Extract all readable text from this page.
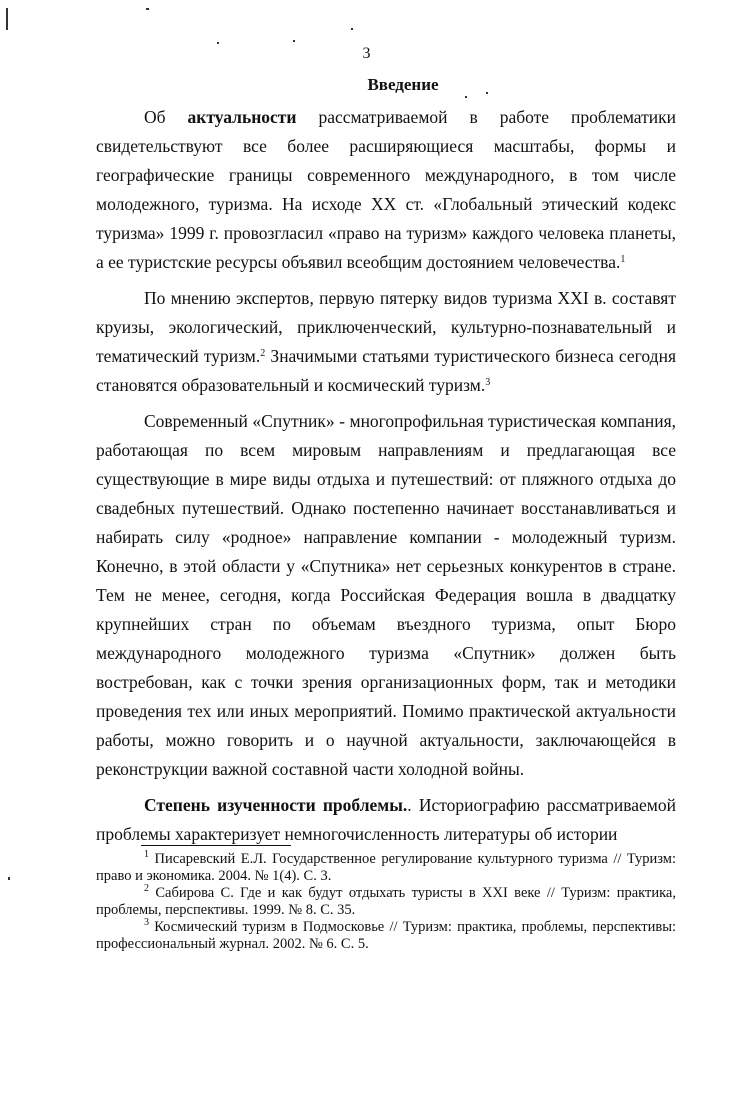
3
Введение

Об актуальности рассматриваемой в работе проблематики свидетельствуют все более расширяющиеся масштабы, формы и географические границы современного международного, в том числе молодежного, туризма. На исходе XX ст. «Глобальный этический кодекс туризма» 1999 г. провозгласил «право на туризм» каждого человека планеты, а ее туристские ресурсы объявил всеобщим достоянием человечества.$^1$

По мнению экспертов, первую пятерку видов туризма XXI в. составят круизы, экологический, приключенческий, культурно-познавательный и тематический туризм.$^2$ Значимыми статьями туристического бизнеса сегодня становятся образовательный и космический туризм.$^3$

Современный «Спутник» - многопрофильная туристическая компания, работающая по всем мировым направлениям и предлагающая все существующие в мире виды отдыха и путешествий: от пляжного отдыха до свадебных путешествий. Однако постепенно начинает восстанавливаться и набирать силу «родное» направление компании - молодежный туризм. Конечно, в этой области у «Спутника» нет серьезных конкурентов в стране. Тем не менее, сегодня, когда Российская Федерация вошла в двадцатку крупнейших стран по объемам въездного туризма, опыт Бюро международного молодежного туризма «Спутник» должен быть востребован, как с точки зрения организационных форм, так и методики проведения тех или иных мероприятий. Помимо практической актуальности работы, можно говорить и о научной актуальности, заключающейся в реконструкции важной составной части холодной войны.

Степень изученности проблемы.. Историографию рассматриваемой проблемы характеризует немногочисленность литературы об истории

$^1$ Писаревский Е.Л. Государственное регулирование культурного туризма // Туризм: право и экономика. 2004. № 1(4). С. 3.

$^2$ Сабирова С. Где и как будут отдыхать туристы в XXI веке // Туризм: практика, проблемы, перспективы. 1999. № 8. С. 35.

$^3$ Космический туризм в Подмосковье // Туризм: практика, проблемы, перспективы: профессиональный журнал. 2002. № 6. С. 5.
